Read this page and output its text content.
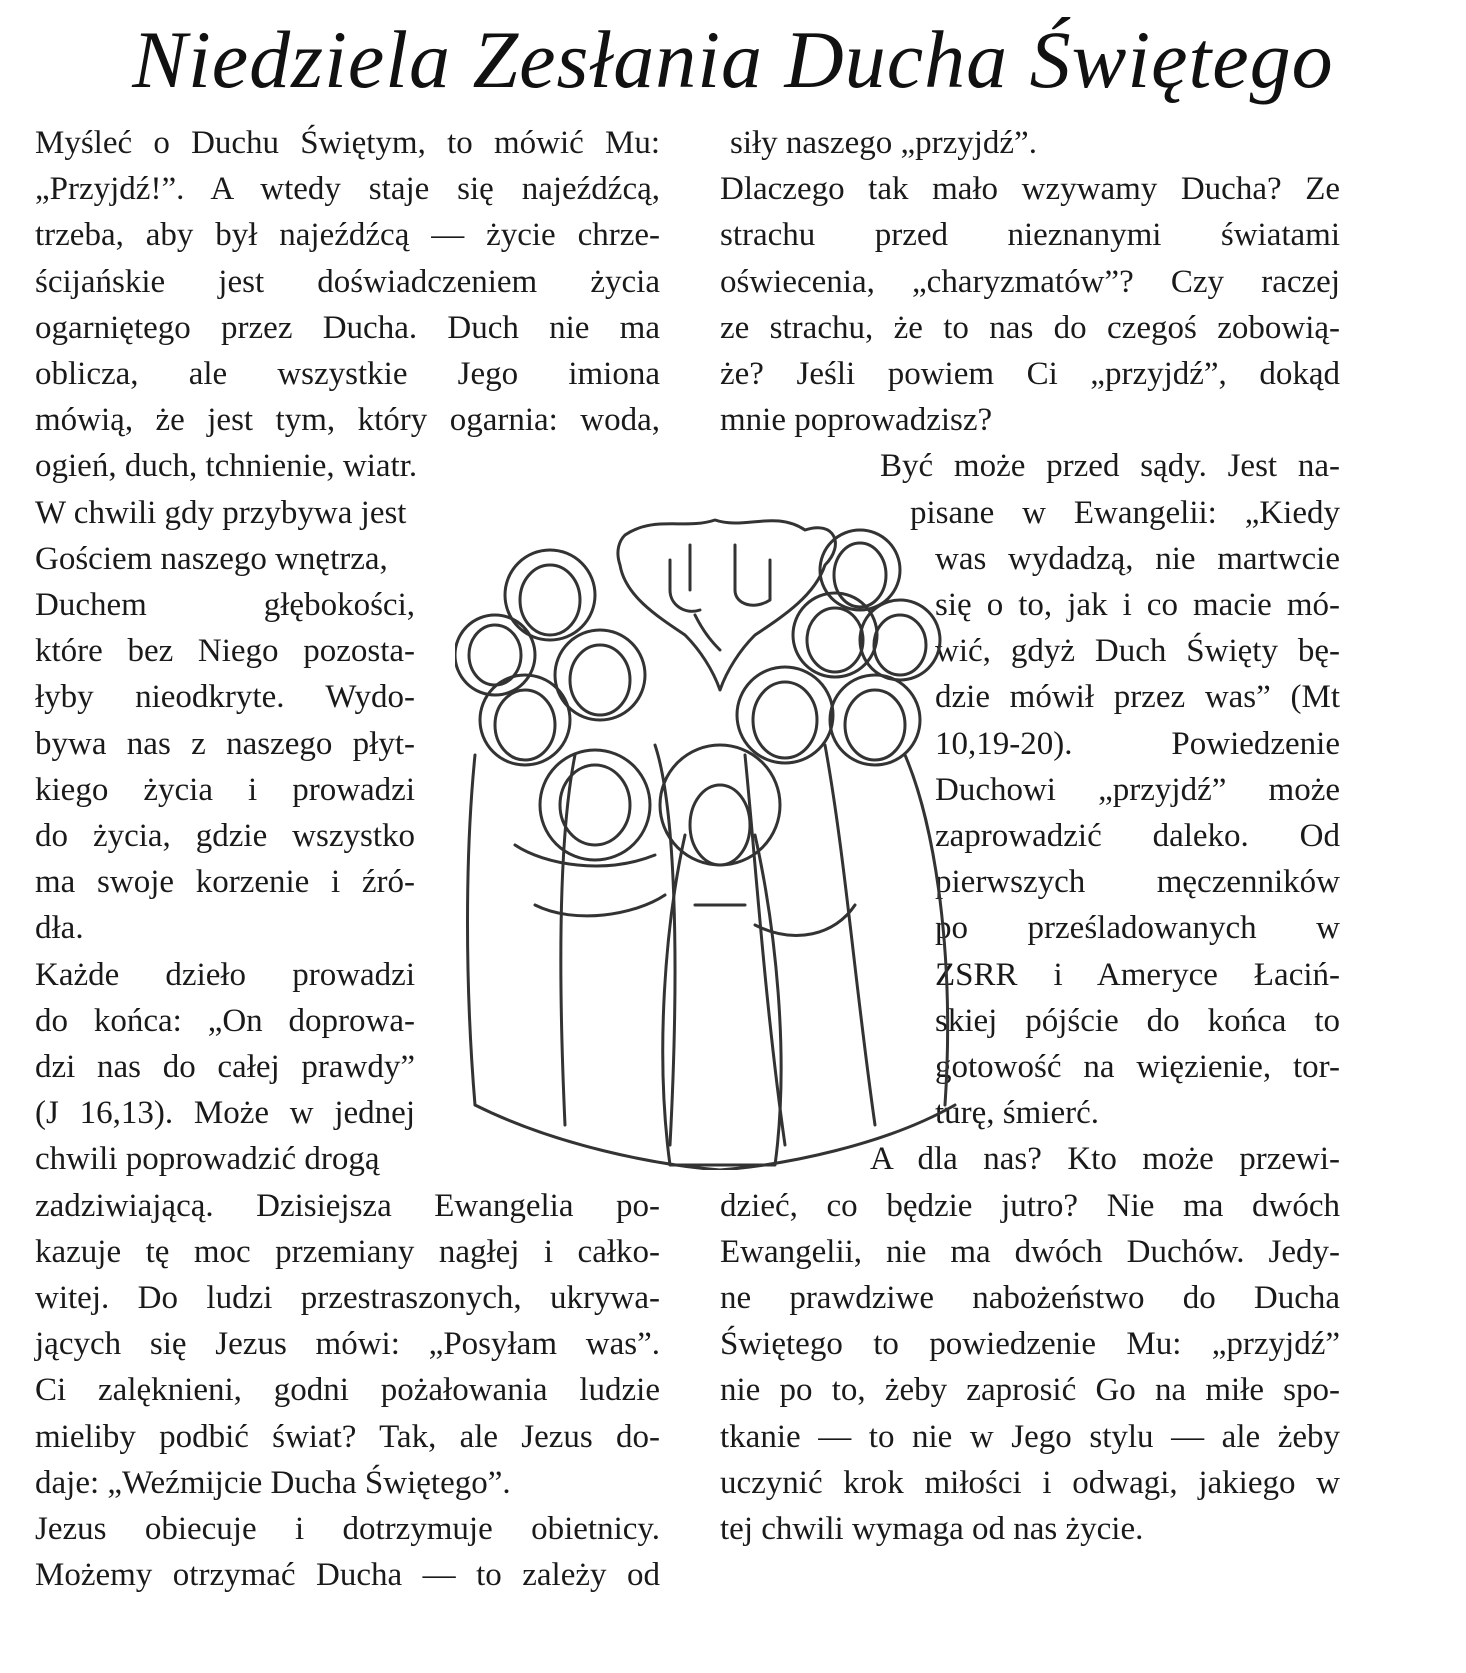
Niedziela Zesłania Ducha Świętego
Myśleć o Duchu Świętym, to mówić Mu:
„Przyjdź!”. A wtedy staje się najeźdźcą,
trzeba, aby był najeźdźcą — życie chrze-
ścijańskie jest doświadczeniem życia
ogarniętego przez Ducha. Duch nie ma
oblicza, ale wszystkie Jego imiona
mówią, że jest tym, który ogarnia: woda,
ogień, duch, tchnienie, wiatr.
W chwili gdy przybywa jest
Gościem naszego wnętrza,
Duchem głębokości,
które bez Niego pozosta-
łyby nieodkryte. Wydo-
bywa nas z naszego płyt-
kiego życia i prowadzi
do życia, gdzie wszystko
ma swoje korzenie i źró-
dła.
Każde dzieło prowadzi
do końca: „On doprowa-
dzi nas do całej prawdy”
(J 16,13). Może w jednej
chwili poprowadzić drogą
zadziwiającą. Dzisiejsza Ewangelia po-
kazuje tę moc przemiany nagłej i całko-
witej. Do ludzi przestraszonych, ukrywa-
jących się Jezus mówi: „Posyłam was”.
Ci zalęknieni, godni pożałowania ludzie
mieliby podbić świat? Tak, ale Jezus do-
daje: „Weźmijcie Ducha Świętego”.
Jezus obiecuje i dotrzymuje obietnicy.
Możemy otrzymać Ducha — to zależy od
siły naszego „przyjdź”.
Dlaczego tak mało wzywamy Ducha? Ze
strachu przed nieznanymi światami
oświecenia, „charyzmatów”? Czy raczej
ze strachu, że to nas do czegoś zobowią-
że? Jeśli powiem Ci „przyjdź”, dokąd
mnie poprowadzisz?
Być może przed sądy. Jest na-
pisane w Ewangelii: „Kiedy
was wydadzą, nie martwcie
się o to, jak i co macie mó-
wić, gdyż Duch Święty bę-
dzie mówił przez was” (Mt
10,19-20). Powiedzenie
Duchowi „przyjdź” może
zaprowadzić daleko. Od
pierwszych męczenników
po prześladowanych w
ZSRR i Ameryce Łaciń-
skiej pójście do końca to
gotowość na więzienie, tor-
turę, śmierć.
A dla nas? Kto może przewi-
dzieć, co będzie jutro? Nie ma dwóch
Ewangelii, nie ma dwóch Duchów. Jedy-
ne prawdziwe nabożeństwo do Ducha
Świętego to powiedzenie Mu: „przyjdź”
nie po to, żeby zaprosić Go na miłe spo-
tkanie — to nie w Jego stylu — ale żeby
uczynić krok miłości i odwagi, jakiego w
tej chwili wymaga od nas życie.
